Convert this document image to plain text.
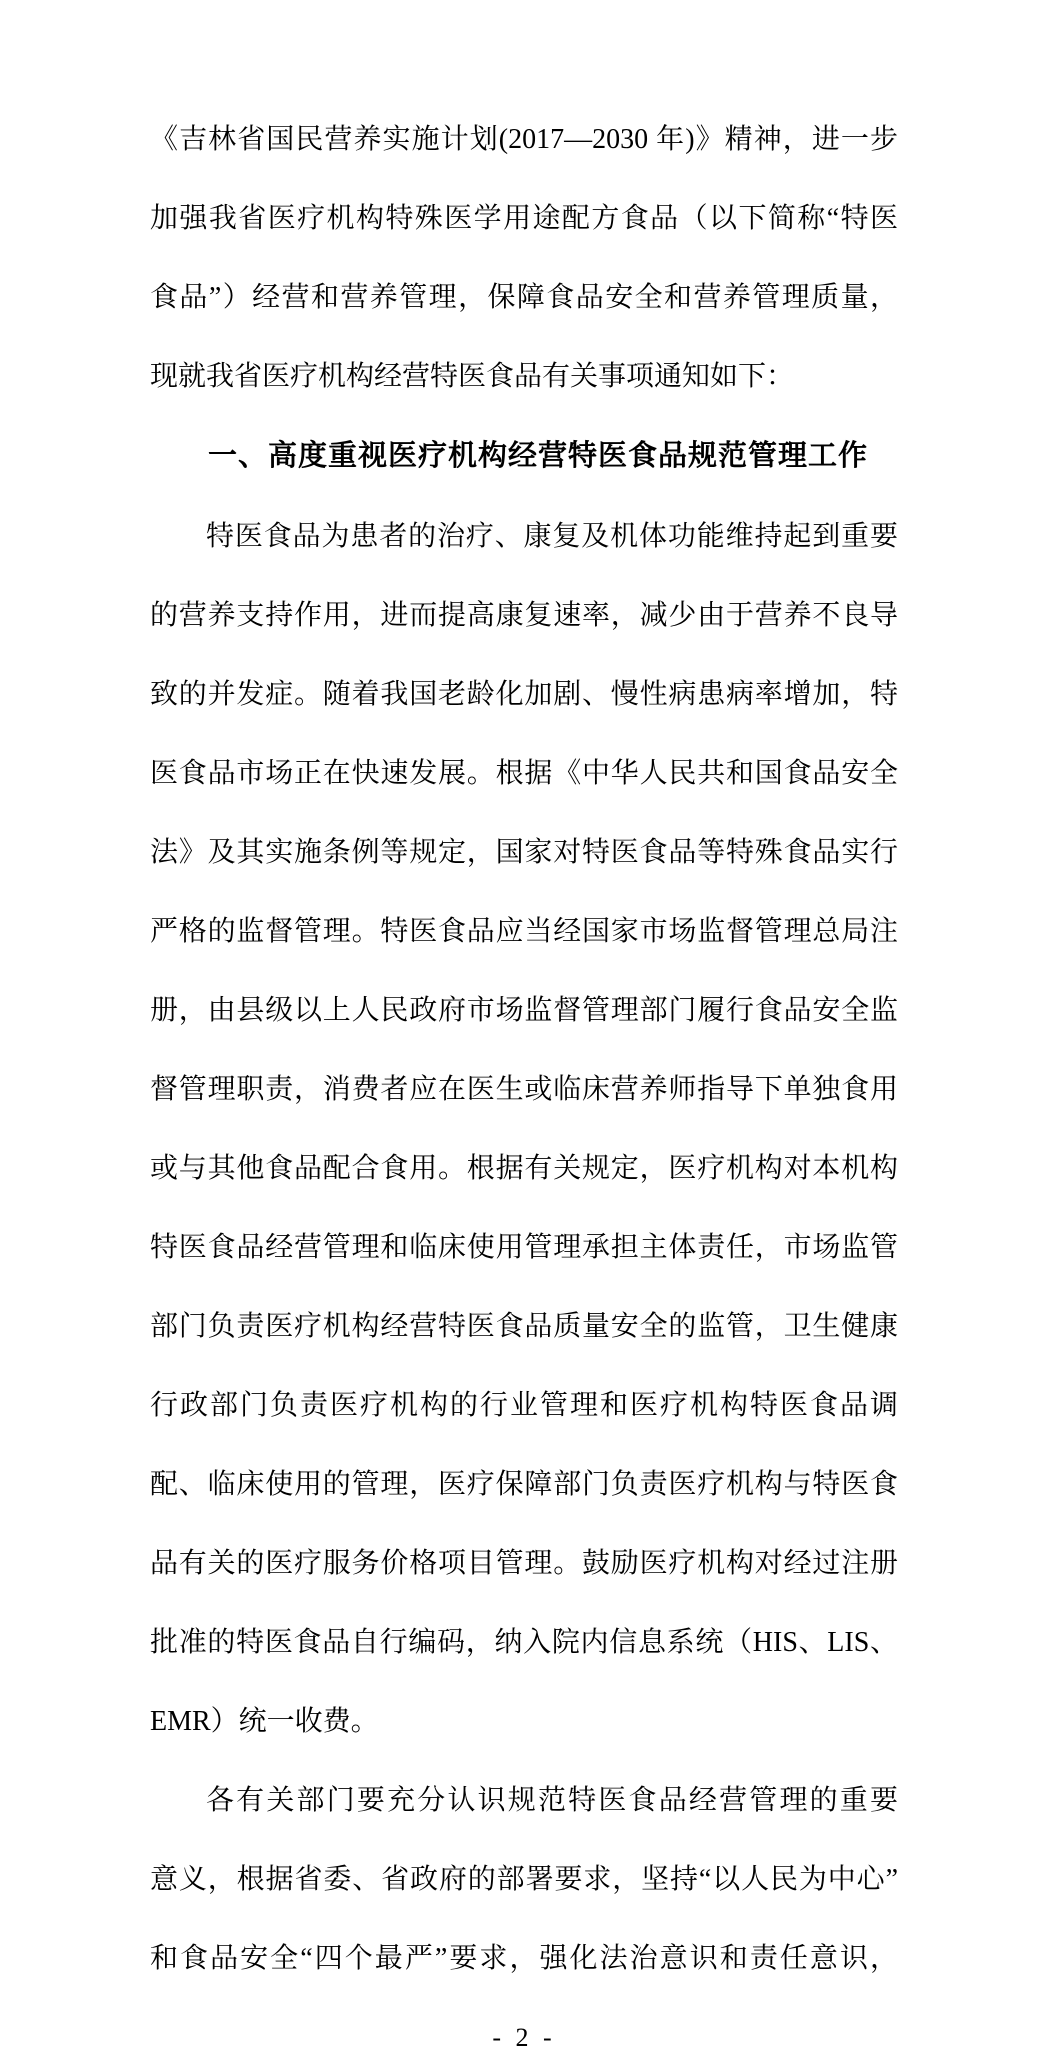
《吉林省国民营养实施计划(2017—2030 年)》精神，进一步

加强我省医疗机构特殊医学用途配方食品（以下简称“特医

食品”）经营和营养管理，保障食品安全和营养管理质量，

现就我省医疗机构经营特医食品有关事项通知如下：

一、高度重视医疗机构经营特医食品规范管理工作

特医食品为患者的治疗、康复及机体功能维持起到重要

的营养支持作用，进而提高康复速率，减少由于营养不良导

致的并发症。随着我国老龄化加剧、慢性病患病率增加，特

医食品市场正在快速发展。根据《中华人民共和国食品安全

法》及其实施条例等规定，国家对特医食品等特殊食品实行

严格的监督管理。特医食品应当经国家市场监督管理总局注

册，由县级以上人民政府市场监督管理部门履行食品安全监

督管理职责，消费者应在医生或临床营养师指导下单独食用

或与其他食品配合食用。根据有关规定，医疗机构对本机构

特医食品经营管理和临床使用管理承担主体责任，市场监管

部门负责医疗机构经营特医食品质量安全的监管，卫生健康

行政部门负责医疗机构的行业管理和医疗机构特医食品调

配、临床使用的管理，医疗保障部门负责医疗机构与特医食

品有关的医疗服务价格项目管理。鼓励医疗机构对经过注册

批准的特医食品自行编码，纳入院内信息系统（HIS、LIS、

EMR）统一收费。

各有关部门要充分认识规范特医食品经营管理的重要

意义，根据省委、省政府的部署要求，坚持“以人民为中心”

和食品安全“四个最严”要求，强化法治意识和责任意识，

- 2 -
